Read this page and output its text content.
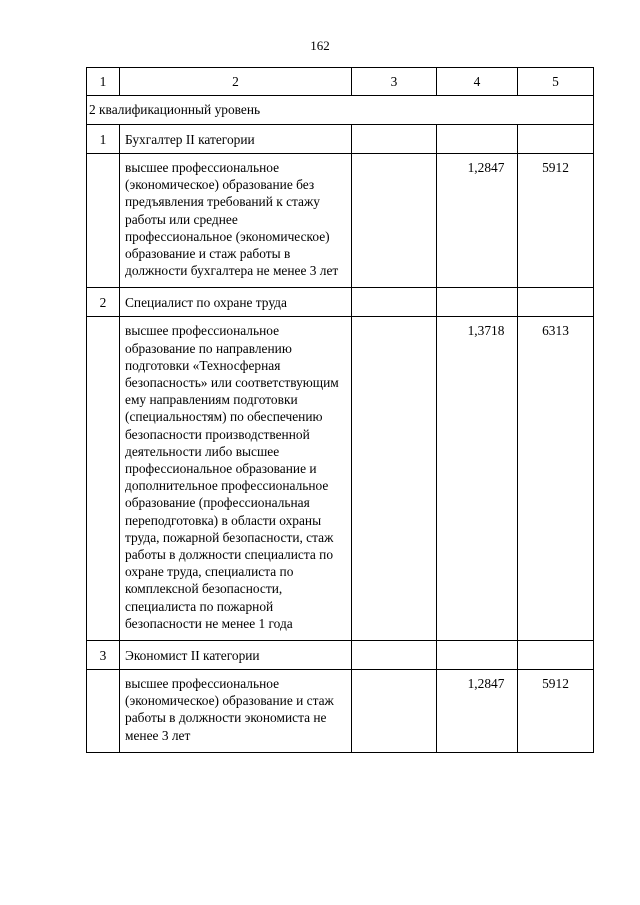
162
1	2	3	4	5
2 квалификационный уровень				
1	Бухгалтер II категории			
	высшее профессиональное (экономическое) образование без предъявления требований к стажу работы или среднее профессиональное (экономическое) образование и стаж работы в должности бухгалтера не менее 3 лет		1,2847	5912
2	Специалист по охране труда			
	высшее профессиональное образование по направлению подготовки «Техносферная безопасность» или соответствующим ему направлениям подготовки (специальностям) по обеспечению безопасности производственной деятельности либо высшее профессиональное образование и дополнительное профессиональное образование (профессиональная переподготовка) в области охраны труда, пожарной безопасности, стаж работы в должности специалиста по охране труда, специалиста по комплексной безопасности, специалиста по пожарной безопасности не менее 1 года		1,3718	6313
3	Экономист II категории			
	высшее профессиональное (экономическое) образование и стаж работы в должности экономиста не менее 3 лет		1,2847	5912
